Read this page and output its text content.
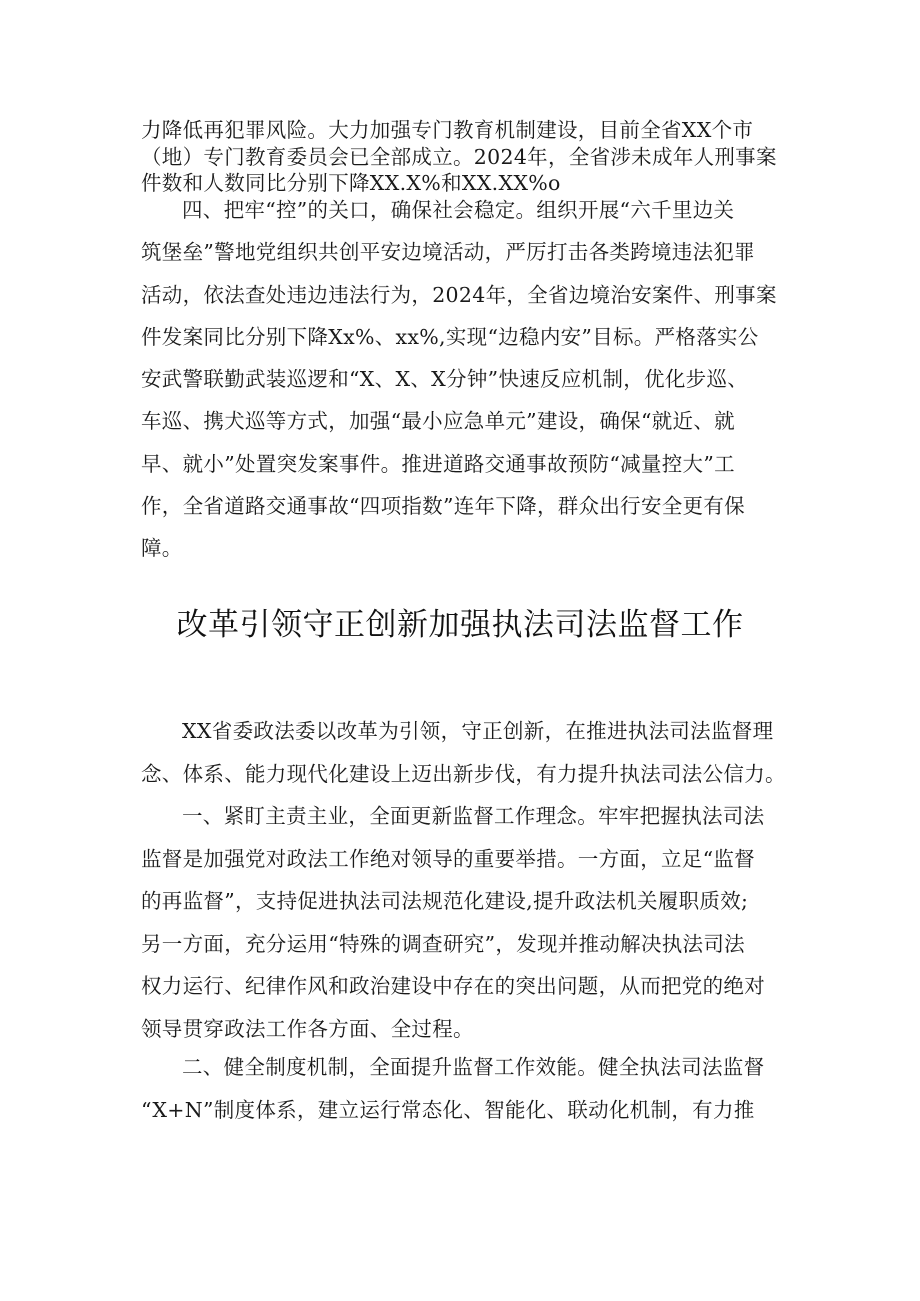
力降低再犯罪风险。大力加强专门教育机制建设，目前全省XX个市
（地）专门教育委员会已全部成立。2024年，全省涉未成年人刑事案
件数和人数同比分别下降XX.X%和XX.XX%o
四、把牢“控”的关口，确保社会稳定。组织开展“六千里边关
筑堡垒”警地党组织共创平安边境活动，严厉打击各类跨境违法犯罪
活动，依法查处违边违法行为，2024年，全省边境治安案件、刑事案
件发案同比分别下降Xx%、xx%,实现“边稳内安”目标。严格落实公
安武警联勤武装巡逻和“X、X、X分钟”快速反应机制，优化步巡、
车巡、携犬巡等方式，加强“最小应急单元”建设，确保“就近、就
早、就小”处置突发案事件。推进道路交通事故预防“减量控大”工
作，全省道路交通事故“四项指数”连年下降，群众出行安全更有保
障。
改革引领守正创新加强执法司法监督工作
XX省委政法委以改革为引领，守正创新，在推进执法司法监督理
念、体系、能力现代化建设上迈出新步伐，有力提升执法司法公信力。
一、紧盯主责主业，全面更新监督工作理念。牢牢把握执法司法
监督是加强党对政法工作绝对领导的重要举措。一方面，立足“监督
的再监督”，支持促进执法司法规范化建设,提升政法机关履职质效;
另一方面，充分运用“特殊的调查研究”，发现并推动解决执法司法
权力运行、纪律作风和政治建设中存在的突出问题，从而把党的绝对
领导贯穿政法工作各方面、全过程。
二、健全制度机制，全面提升监督工作效能。健全执法司法监督
“X+N”制度体系，建立运行常态化、智能化、联动化机制，有力推
